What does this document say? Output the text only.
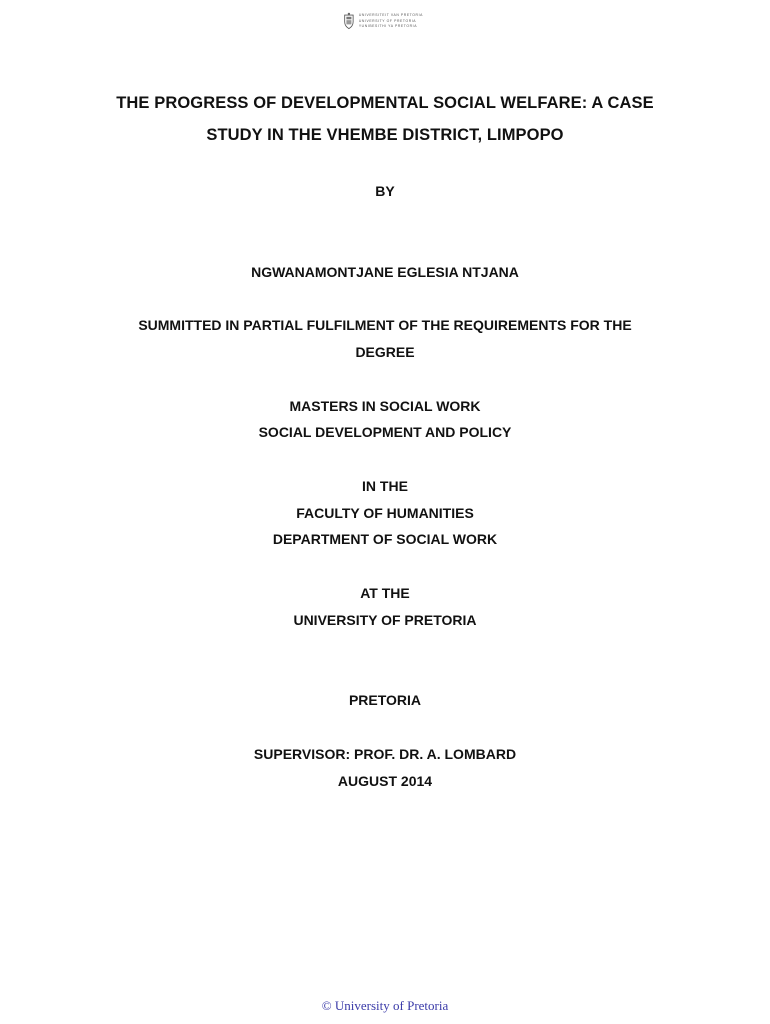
UNIVERSITEIT VAN PRETORIA
UNIVERSITY OF PRETORIA
YUNIBESITHI YA PRETORIA
THE PROGRESS OF DEVELOPMENTAL SOCIAL WELFARE: A CASE
STUDY IN THE VHEMBE DISTRICT, LIMPOPO
BY
NGWANAMONTJANE EGLESIA NTJANA
SUMMITTED IN PARTIAL FULFILMENT OF THE REQUIREMENTS FOR THE
DEGREE
MASTERS IN SOCIAL WORK
SOCIAL DEVELOPMENT AND POLICY
IN THE
FACULTY OF HUMANITIES
DEPARTMENT OF SOCIAL WORK
AT THE
UNIVERSITY OF PRETORIA
PRETORIA
SUPERVISOR: PROF. DR. A. LOMBARD
AUGUST 2014
© University of Pretoria
